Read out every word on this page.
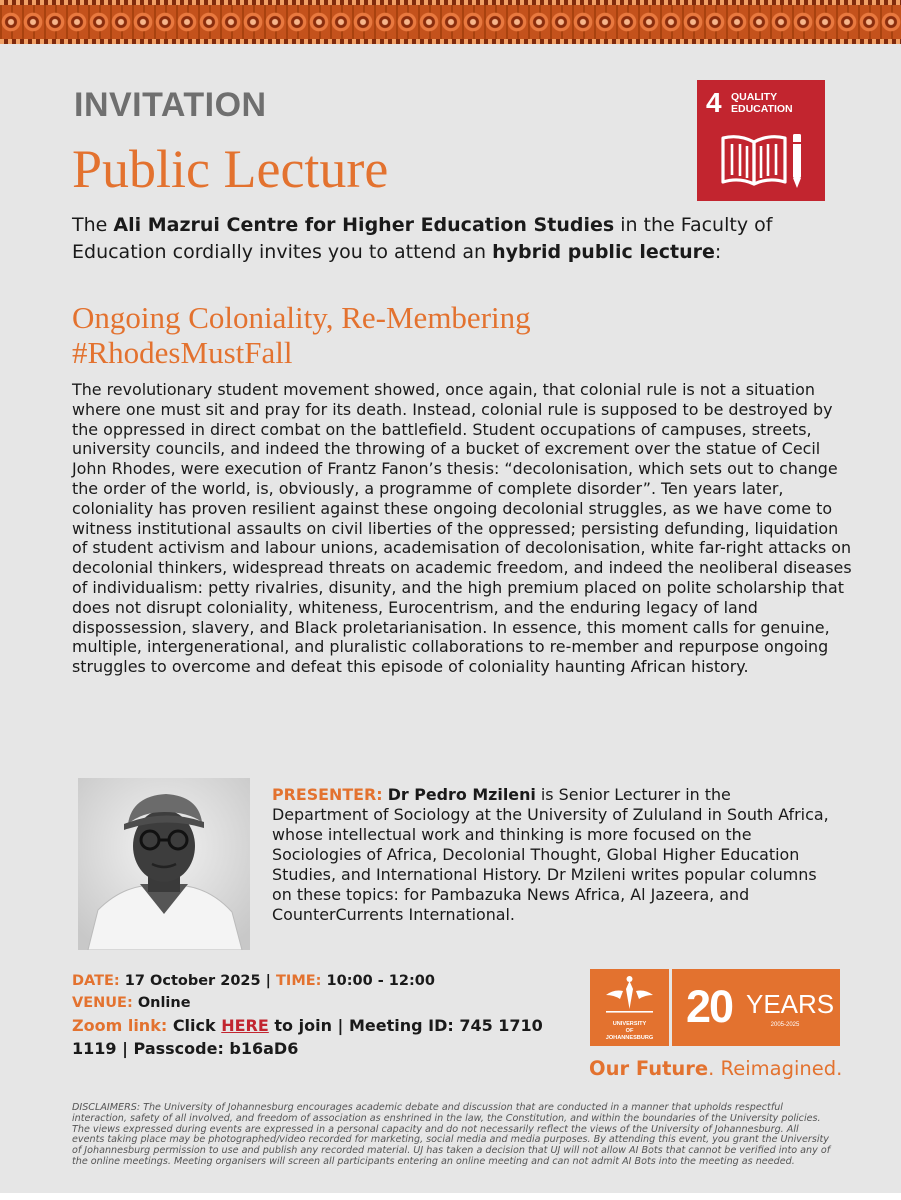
INVITATION
Public Lecture
4 QUALITY
EDUCATION
The Ali Mazrui Centre for Higher Education Studies in the Faculty of Education cordially invites you to attend an hybrid public lecture:
Ongoing Coloniality, Re-Membering
#RhodesMustFall
The revolutionary student movement showed, once again, that colonial rule is not a situation where one must sit and pray for its death. Instead, colonial rule is supposed to be destroyed by the oppressed in direct combat on the battlefield. Student occupations of campuses, streets, university councils, and indeed the throwing of a bucket of excrement over the statue of Cecil John Rhodes, were execution of Frantz Fanon’s thesis: “decolonisation, which sets out to change the order of the world, is, obviously, a programme of complete disorder”. Ten years later, coloniality has proven resilient against these ongoing decolonial struggles, as we have come to witness institutional assaults on civil liberties of the oppressed; persisting defunding, liquidation of student activism and labour unions, academisation of decolonisation, white far-right attacks on decolonial thinkers, widespread threats on academic freedom, and indeed the neoliberal diseases of individualism: petty rivalries, disunity, and the high premium placed on polite scholarship that does not disrupt coloniality, whiteness, Eurocentrism, and the enduring legacy of land dispossession, slavery, and Black proletarianisation. In essence, this moment calls for genuine, multiple, intergenerational, and pluralistic collaborations to re-member and repurpose ongoing struggles to overcome and defeat this episode of coloniality haunting African history.
PRESENTER: Dr Pedro Mzileni is Senior Lecturer in the Department of Sociology at the University of Zululand in South Africa, whose intellectual work and thinking is more focused on the Sociologies of Africa, Decolonial Thought, Global Higher Education Studies, and International History. Dr Mzileni writes popular columns on these topics: for Pambazuka News Africa, Al Jazeera, and CounterCurrents International.
DATE: 17 October 2025 | TIME: 10:00 - 12:00
VENUE: Online
Zoom link: Click HERE to join | Meeting ID: 745 1710 1119 | Passcode: b16aD6
UNIVERSITY
OF
JOHANNESBURG
20 YEARS
2005-2025
Our Future. Reimagined.
DISCLAIMERS: The University of Johannesburg encourages academic debate and discussion that are conducted in a manner that upholds respectful interaction, safety of all involved, and freedom of association as enshrined in the law, the Constitution, and within the boundaries of the University policies. The views expressed during events are expressed in a personal capacity and do not necessarily reflect the views of the University of Johannesburg. All events taking place may be photographed/video recorded for marketing, social media and media purposes. By attending this event, you grant the University of Johannesburg permission to use and publish any recorded material. UJ has taken a decision that UJ will not allow AI Bots that cannot be verified into any of the online meetings. Meeting organisers will screen all participants entering an online meeting and can not admit AI Bots into the meeting as needed.
